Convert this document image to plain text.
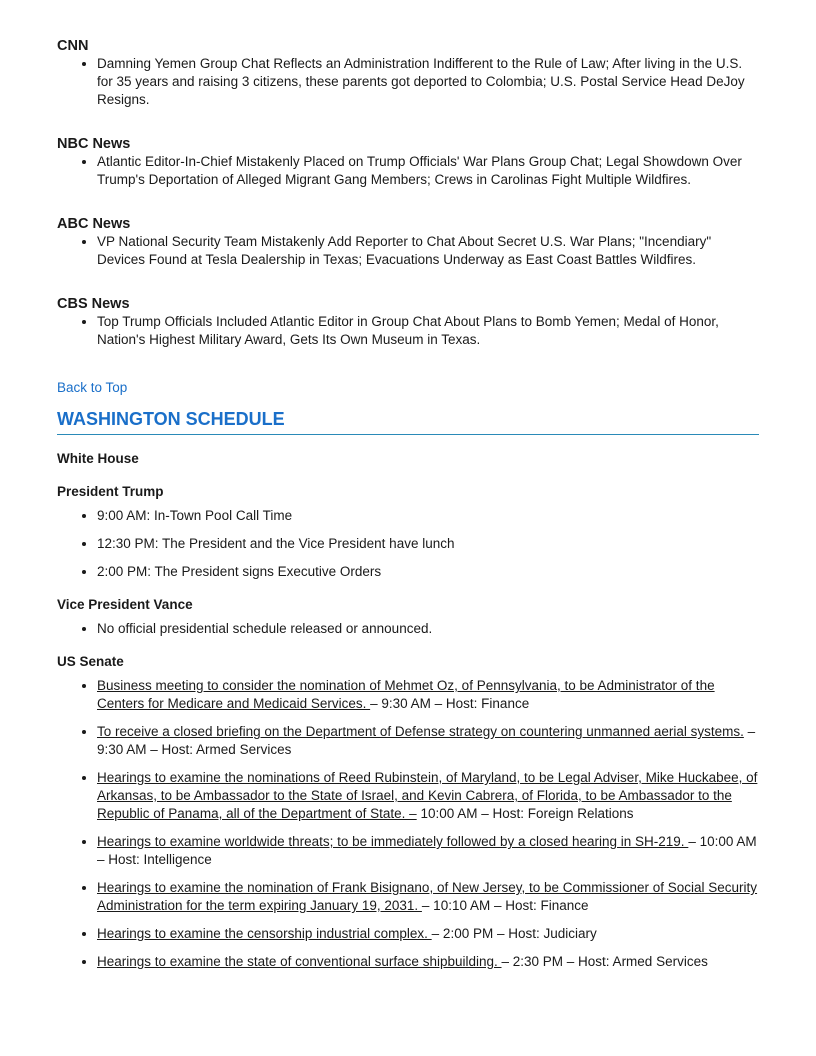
CNN
• Damning Yemen Group Chat Reflects an Administration Indifferent to the Rule of Law; After living in the U.S. for 35 years and raising 3 citizens, these parents got deported to Colombia; U.S. Postal Service Head DeJoy Resigns.
NBC News
• Atlantic Editor-In-Chief Mistakenly Placed on Trump Officials' War Plans Group Chat; Legal Showdown Over Trump's Deportation of Alleged Migrant Gang Members; Crews in Carolinas Fight Multiple Wildfires.
ABC News
• VP National Security Team Mistakenly Add Reporter to Chat About Secret U.S. War Plans; "Incendiary" Devices Found at Tesla Dealership in Texas; Evacuations Underway as East Coast Battles Wildfires.
CBS News
• Top Trump Officials Included Atlantic Editor in Group Chat About Plans to Bomb Yemen; Medal of Honor, Nation's Highest Military Award, Gets Its Own Museum in Texas.
Back to Top
WASHINGTON SCHEDULE
White House
President Trump
• 9:00 AM: In-Town Pool Call Time
• 12:30 PM: The President and the Vice President have lunch
• 2:00 PM: The President signs Executive Orders
Vice President Vance
• No official presidential schedule released or announced.
US Senate
• Business meeting to consider the nomination of Mehmet Oz, of Pennsylvania, to be Administrator of the Centers for Medicare and Medicaid Services. – 9:30 AM – Host: Finance
• To receive a closed briefing on the Department of Defense strategy on countering unmanned aerial systems. – 9:30 AM – Host: Armed Services
• Hearings to examine the nominations of Reed Rubinstein, of Maryland, to be Legal Adviser, Mike Huckabee, of Arkansas, to be Ambassador to the State of Israel, and Kevin Cabrera, of Florida, to be Ambassador to the Republic of Panama, all of the Department of State. – 10:00 AM – Host: Foreign Relations
• Hearings to examine worldwide threats; to be immediately followed by a closed hearing in SH-219. – 10:00 AM – Host: Intelligence
• Hearings to examine the nomination of Frank Bisignano, of New Jersey, to be Commissioner of Social Security Administration for the term expiring January 19, 2031. – 10:10 AM – Host: Finance
• Hearings to examine the censorship industrial complex. – 2:00 PM – Host: Judiciary
• Hearings to examine the state of conventional surface shipbuilding. – 2:30 PM – Host: Armed Services
